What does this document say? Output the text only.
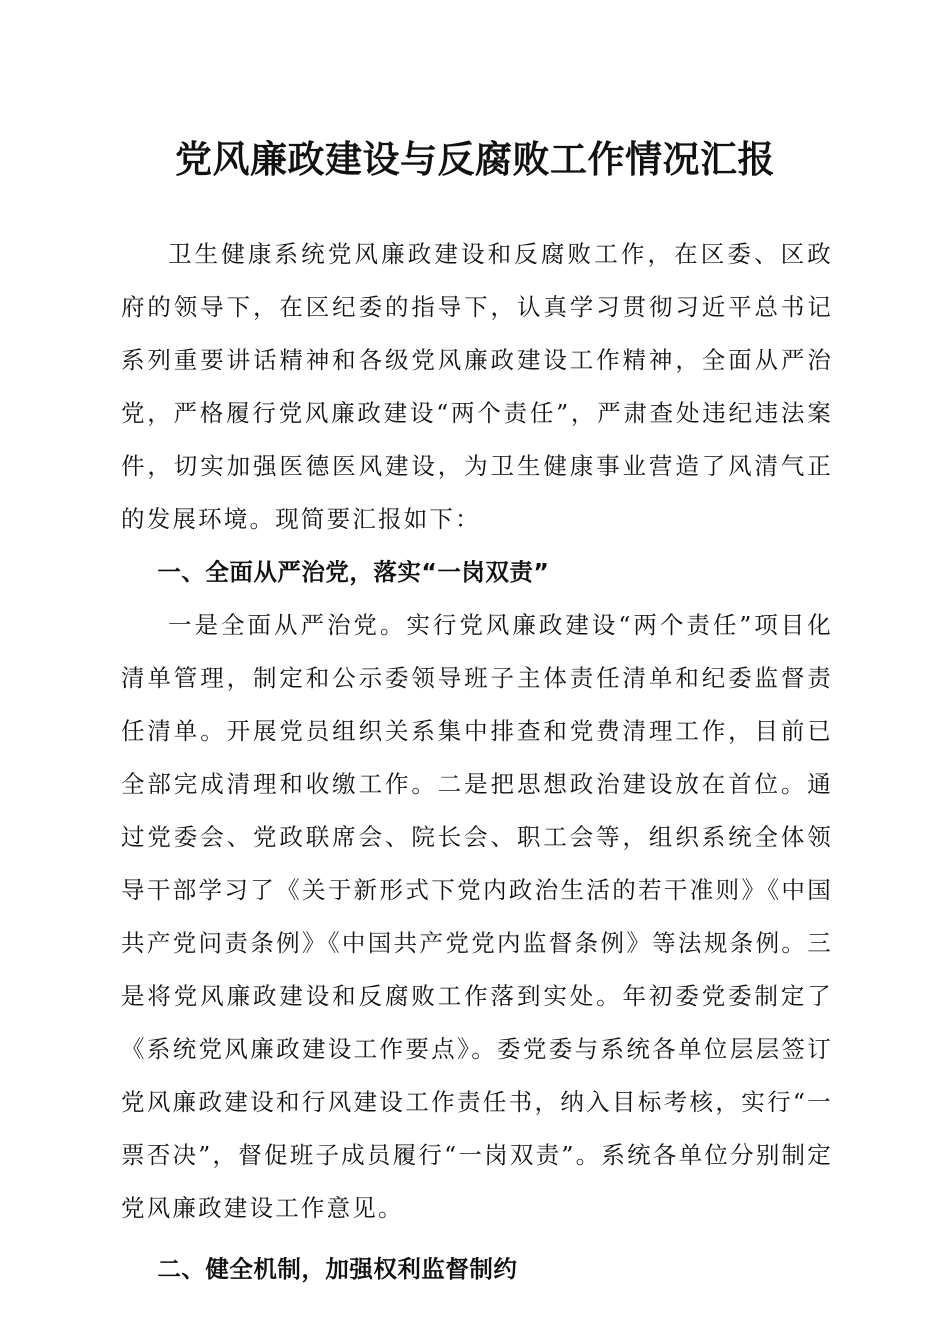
党风廉政建设与反腐败工作情况汇报

卫生健康系统党风廉政建设和反腐败工作，在区委、区政府的领导下，在区纪委的指导下，认真学习贯彻习近平总书记系列重要讲话精神和各级党风廉政建设工作精神，全面从严治党，严格履行党风廉政建设“两个责任”，严肃查处违纪违法案件，切实加强医德医风建设，为卫生健康事业营造了风清气正的发展环境。现简要汇报如下：

一、全面从严治党，落实“一岗双责”

一是全面从严治党。实行党风廉政建设“两个责任”项目化清单管理，制定和公示委领导班子主体责任清单和纪委监督责任清单。开展党员组织关系集中排查和党费清理工作，目前已全部完成清理和收缴工作。二是把思想政治建设放在首位。通过党委会、党政联席会、院长会、职工会等，组织系统全体领导干部学习了《关于新形式下党内政治生活的若干准则》《中国共产党问责条例》《中国共产党党内监督条例》等法规条例。三是将党风廉政建设和反腐败工作落到实处。年初委党委制定了《系统党风廉政建设工作要点》。委党委与系统各单位层层签订党风廉政建设和行风建设工作责任书，纳入目标考核，实行“一票否决”，督促班子成员履行“一岗双责”。系统各单位分别制定党风廉政建设工作意见。

二、健全机制，加强权利监督制约
